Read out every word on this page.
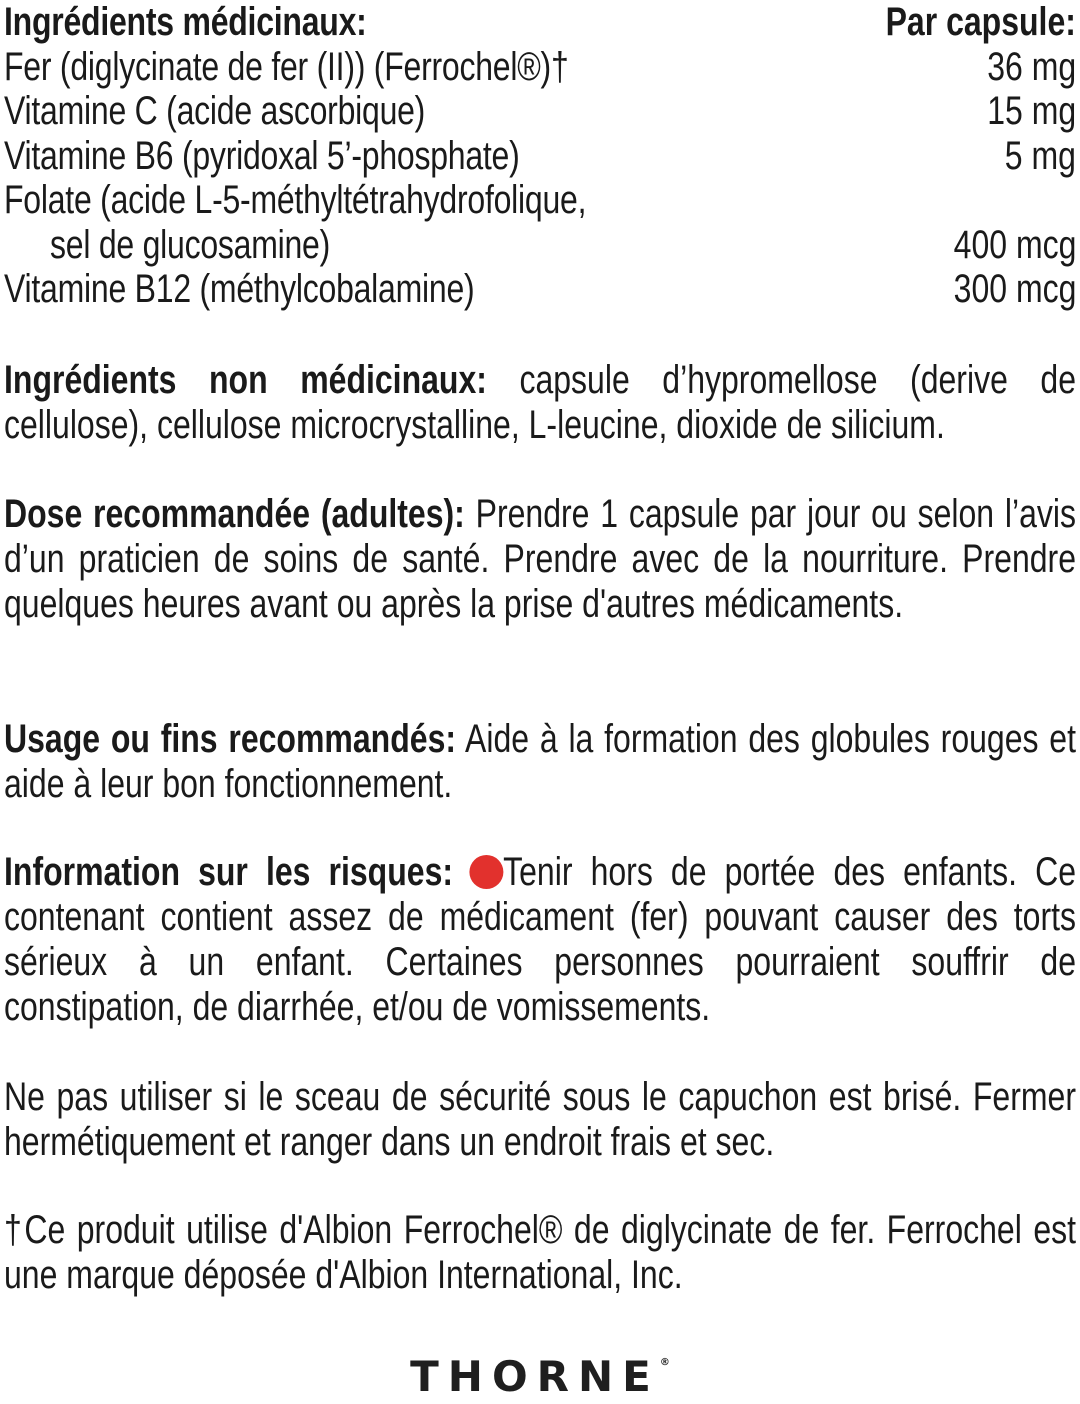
Ingrédients médicinaux:	Par capsule:
Fer (diglycinate de fer (II)) (Ferrochel®)†	36 mg
Vitamine C (acide ascorbique)	15 mg
Vitamine B6 (pyridoxal 5’-phosphate)	5 mg
Folate (acide L-5-méthyltétrahydrofolique,
sel de glucosamine)	400 mcg
Vitamine B12 (méthylcobalamine)	300 mcg

Ingrédients non médicinaux: capsule d’hypromellose (derive de cellulose), cellulose microcrystalline, L-leucine, dioxide de silicium.

Dose recommandée (adultes): Prendre 1 capsule par jour ou selon l’avis d’un praticien de soins de santé. Prendre avec de la nourriture. Prendre quelques heures avant ou après la prise d'autres médicaments.

Usage ou fins recommandés: Aide à la formation des globules rouges et aide à leur bon fonctionnement.

Information sur les risques: Tenir hors de portée des enfants. Ce contenant contient assez de médicament (fer) pouvant causer des torts sérieux à un enfant. Certaines personnes pourraient souffrir de constipation, de diarrhée, et/ou de vomissements.

Ne pas utiliser si le sceau de sécurité sous le capuchon est brisé. Fermer hermétiquement et ranger dans un endroit frais et sec.

†Ce produit utilise d'Albion Ferrochel® de diglycinate de fer. Ferrochel est une marque déposée d'Albion International, Inc.

THORNE®
